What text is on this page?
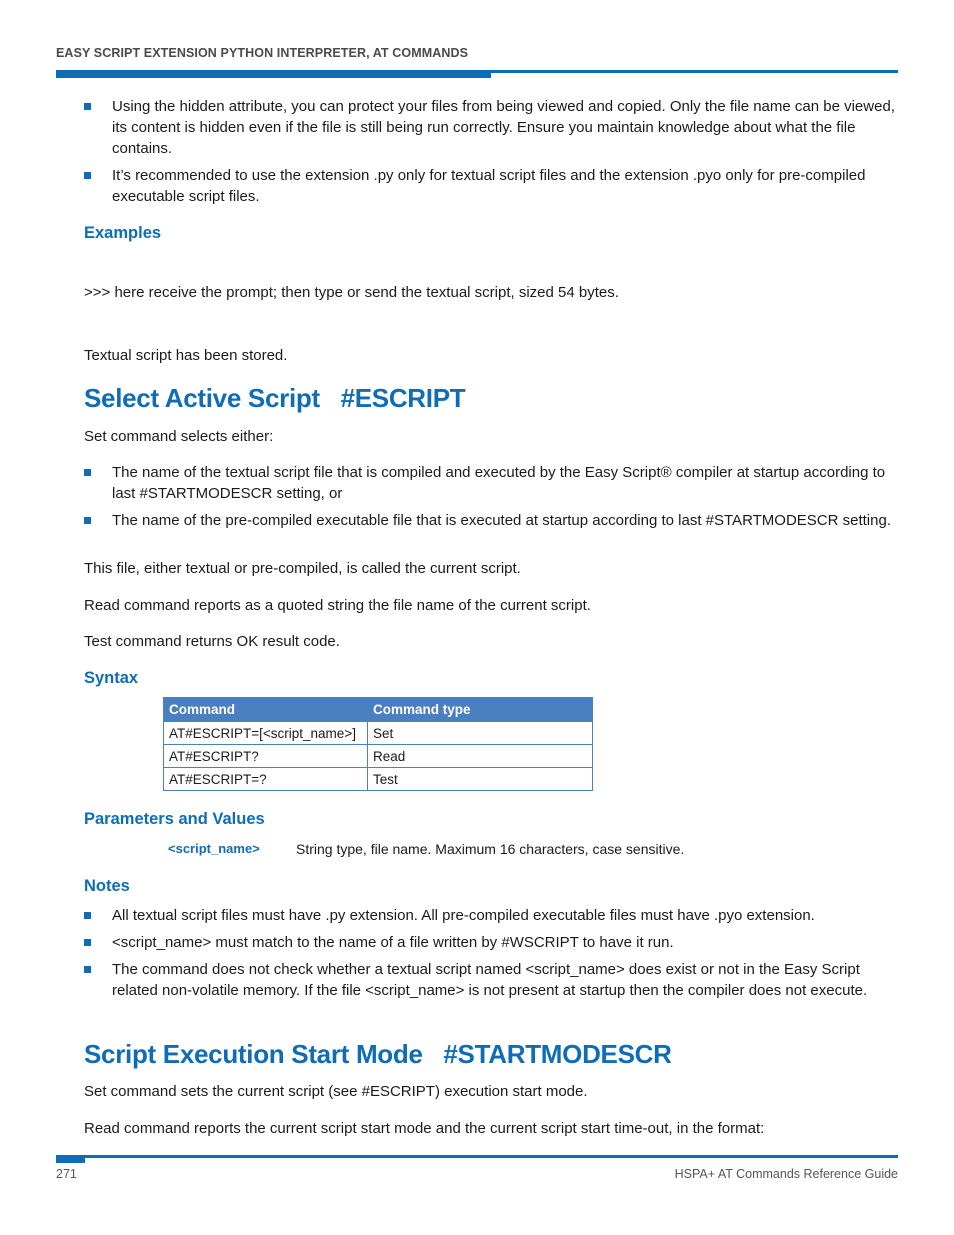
EASY SCRIPT EXTENSION PYTHON INTERPRETER, AT COMMANDS
Using the hidden attribute, you can protect your files from being viewed and copied. Only the file name can be viewed, its content is hidden even if the file is still being run correctly. Ensure you maintain knowledge about what the file contains.
It’s recommended to use the extension .py only for textual script files and the extension .pyo only for pre-compiled executable script files.
Examples
>>> here receive the prompt; then type or send the textual script, sized 54 bytes.
Textual script has been stored.
Select Active Script   #ESCRIPT
Set command selects either:
The name of the textual script file that is compiled and executed by the Easy Script® compiler at startup according to last #STARTMODESCR setting, or
The name of the pre-compiled executable file that is executed at startup according to last #STARTMODESCR setting.
This file, either textual or pre-compiled, is called the current script.
Read command reports as a quoted string the file name of the current script.
Test command returns OK result code.
Syntax
Command	Command type
AT#ESCRIPT=[<script_name>]	Set
AT#ESCRIPT?	Read
AT#ESCRIPT=?	Test
Parameters and Values
<script_name>	String type, file name. Maximum 16 characters, case sensitive.
Notes
All textual script files must have .py extension. All pre-compiled executable files must have .pyo extension.
<script_name> must match to the name of a file written by #WSCRIPT to have it run.
The command does not check whether a textual script named <script_name> does exist or not in the Easy Script related non-volatile memory. If the file <script_name> is not present at startup then the compiler does not execute.
Script Execution Start Mode   #STARTMODESCR
Set command sets the current script (see #ESCRIPT) execution start mode.
Read command reports the current script start mode and the current script start time-out, in the format:
271	HSPA+ AT Commands Reference Guide
